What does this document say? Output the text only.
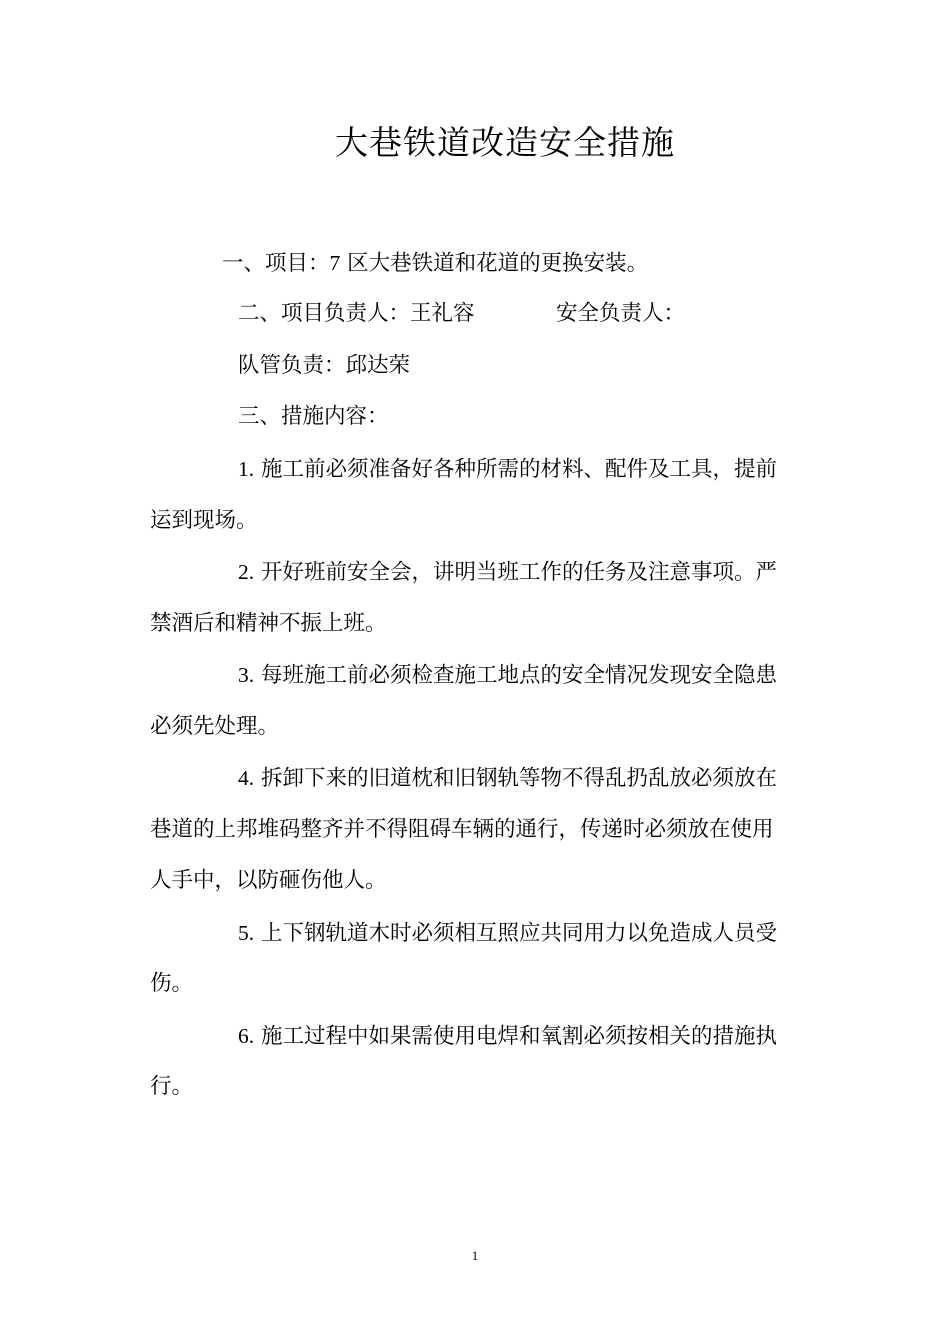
大巷铁道改造安全措施
一、项目：7 区大巷铁道和花道的更换安装。
二、项目负责人：王礼容	安全负责人：
队管负责：邱达荣
三、措施内容：
1. 施工前必须准备好各种所需的材料、配件及工具，提前
运到现场。
2. 开好班前安全会，讲明当班工作的任务及注意事项。严
禁酒后和精神不振上班。
3. 每班施工前必须检查施工地点的安全情况发现安全隐患
必须先处理。
4. 拆卸下来的旧道枕和旧钢轨等物不得乱扔乱放必须放在
巷道的上邦堆码整齐并不得阻碍车辆的通行，传递时必须放在使用
人手中，以防砸伤他人。
5. 上下钢轨道木时必须相互照应共同用力以免造成人员受
伤。
6. 施工过程中如果需使用电焊和氧割必须按相关的措施执
行。
1
